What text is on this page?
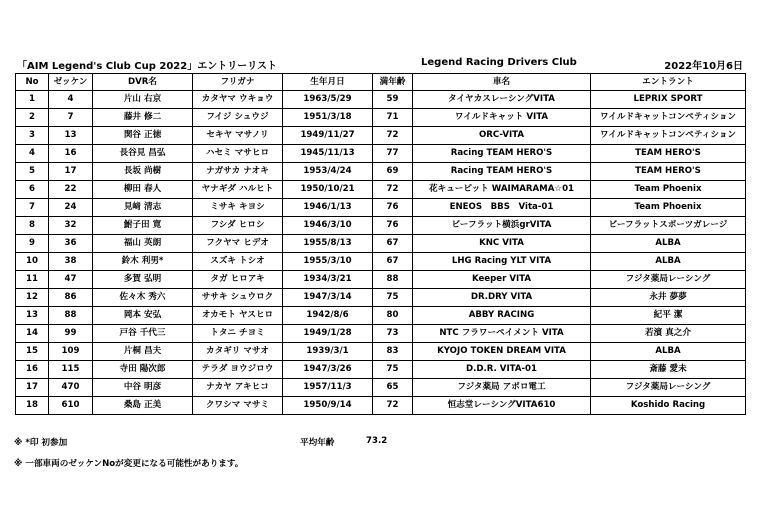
「AIM Legend's Club Cup 2022」エントリーリスト	Legend Racing Drivers Club	2022年10月6日
No	ゼッケン	DVR名	フリガナ	生年月日	満年齢	車名	エントラント
1	4	片山 右京	カタヤマ ウキョウ	1963/5/29	59	タイヤカスレーシングVITA	LEPRIX SPORT
2	7	藤井 修二	フイジ シュウジ	1951/3/18	71	ワイルドキャット VITA	ワイルドキャットコンペティション
3	13	関谷 正徳	セキヤ マサノリ	1949/11/27	72	ORC-VITA	ワイルドキャットコンペティション
4	16	長谷見 昌弘	ハセミ マサヒロ	1945/11/13	77	Racing TEAM HERO'S	TEAM HERO'S
5	17	長坂 尚樹	ナガサカ ナオキ	1953/4/24	69	Racing TEAM HERO'S	TEAM HERO'S
6	22	柳田 春人	ヤナギダ ハルヒト	1950/10/21	72	花キューピット WAIMARAMA☆01	Team Phoenix
7	24	見﨑 清志	ミサキ キヨシ	1946/1/13	76	ENEOS　BBS　Vita-01	Team Phoenix
8	32	鮒子田 寛	フシダ ヒロシ	1946/3/10	76	ビーフラット横浜grVITA	ビーフラットスポーツガレージ
9	36	福山 英朗	フクヤマ ヒデオ	1955/8/13	67	KNC VITA	ALBA
10	38	鈴木 利男*	スズキ トシオ	1955/3/10	67	LHG Racing YLT VITA	ALBA
11	47	多賀 弘明	タガ ヒロアキ	1934/3/21	88	Keeper VITA	フジタ薬局レーシング
12	86	佐々木 秀六	ササキ シュウロク	1947/3/14	75	DR.DRY VITA	永井 夢夢
13	88	岡本 安弘	オカモト ヤスヒロ	1942/8/6	80	ABBY RACING	紀平 潔
14	99	戸谷 千代三	トタニ チヨミ	1949/1/28	73	NTC フラワーペイメント VITA	若濱 真之介
15	109	片桐 昌夫	カタギリ マサオ	1939/3/1	83	KYOJO TOKEN DREAM VITA	ALBA
16	115	寺田 陽次郎	テラダ ヨウジロウ	1947/3/26	75	D.D.R. VITA-01	斎藤 愛未
17	470	中谷 明彦	ナカヤ アキヒコ	1957/11/3	65	フジタ薬局 アポロ電工	フジタ薬局レーシング
18	610	桑島 正美	クワシマ マサミ	1950/9/14	72	恒志堂レーシングVITA610	Koshido Racing
※ *印 初参加	平均年齢	73.2
※ 一部車両のゼッケンNoが変更になる可能性があります。
